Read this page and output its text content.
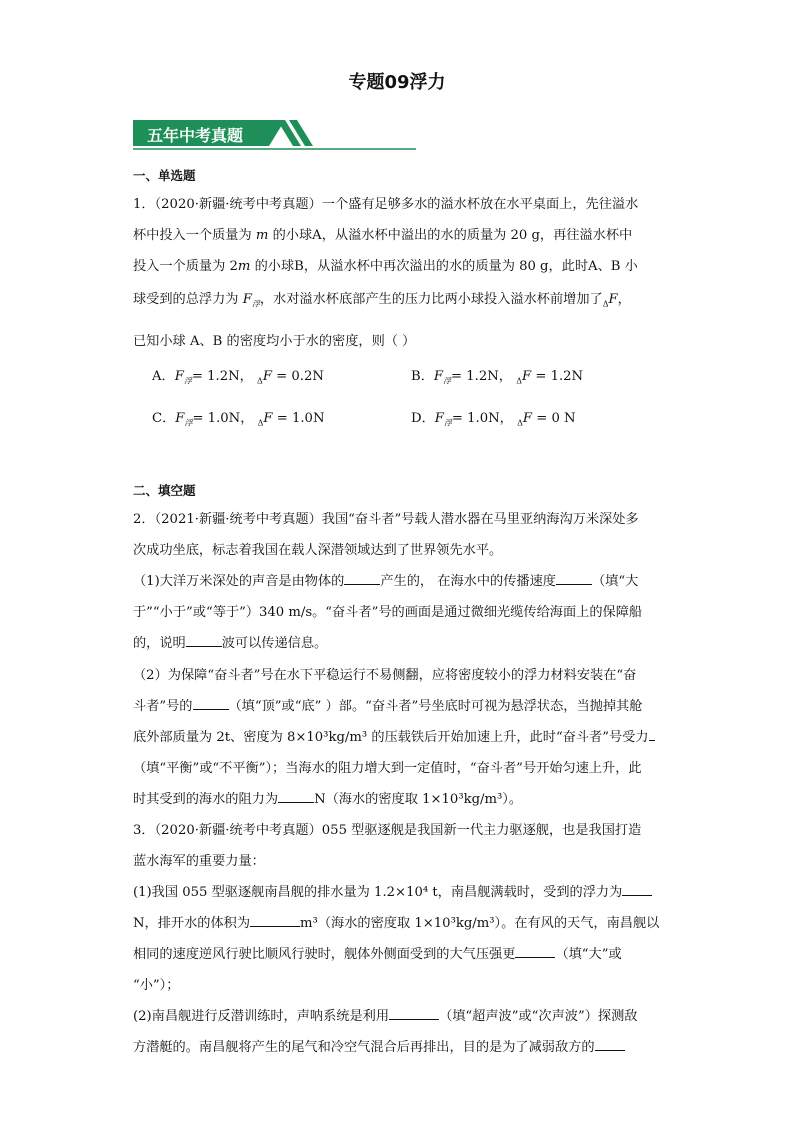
专题09浮力
五年中考真题
一、单选题
1．（2020·新疆·统考中考真题）一个盛有足够多水的溢水杯放在水平桌面上，先往溢水
杯中投入一个质量为 m 的小球A，从溢水杯中溢出的水的质量为 20 g，再往溢水杯中
投入一个质量为 2m 的小球B，从溢水杯中再次溢出的水的质量为 80 g，此时A、B 小
球受到的总浮力为 $F_浮$，水对溢水杯底部产生的压力比两小球投入溢水杯前增加了$_\Delta$F，
已知小球 A、B 的密度均小于水的密度，则（ ）
A．$F_浮= 1.2N$， $_\Delta$F = 0.2N	B．$F_浮= 1.2N$， $_\Delta$F = 1.2N
C．$F_浮= 1.0N$， $_\Delta$F = 1.0N	D．$F_浮= 1.0N$， $_\Delta$F = 0 N
二、填空题
2．（2021·新疆·统考中考真题）我国“奋斗者”号载人潜水器在马里亚纳海沟万米深处多
次成功坐底，标志着我国在载人深潜领域达到了世界领先水平。
（1)大洋万米深处的声音是由物体的	产生的， 在海水中的传播速度	（填“大
于”“小于”或“等于”）340 m/s。“奋斗者”号的画面是通过微细光缆传给海面上的保障船
的，说明	波可以传递信息。
（2）为保障“奋斗者”号在水下平稳运行不易侧翻，应将密度较小的浮力材料安装在“奋
斗者”号的	（填“顶”或“底” ）部。“奋斗者”号坐底时可视为悬浮状态，当抛掉其舱
底外部质量为 2t、密度为 8×10³kg/m³ 的压载铁后开始加速上升，此时“奋斗者”号受力
（填“平衡”或“不平衡”）；当海水的阻力增大到一定值时，“奋斗者”号开始匀速上升，此
时其受到的海水的阻力为	N（海水的密度取 1×10³kg/m³）。
3．（2020·新疆·统考中考真题）055 型驱逐舰是我国新一代主力驱逐舰，也是我国打造
蓝水海军的重要力量：
(1)我国 055 型驱逐舰南昌舰的排水量为 1.2×10⁴ t，南昌舰满载时，受到的浮力为
N，排开水的体积为	m³（海水的密度取 1×10³kg/m³）。在有风的天气，南昌舰以
相同的速度逆风行驶比顺风行驶时，舰体外侧面受到的大气压强更	（填“大”或
“小”）；
(2)南昌舰进行反潜训练时，声呐系统是利用	（填“超声波”或“次声波”）探测敌
方潜艇的。南昌舰将产生的尾气和冷空气混合后再排出，目的是为了减弱敌方的
